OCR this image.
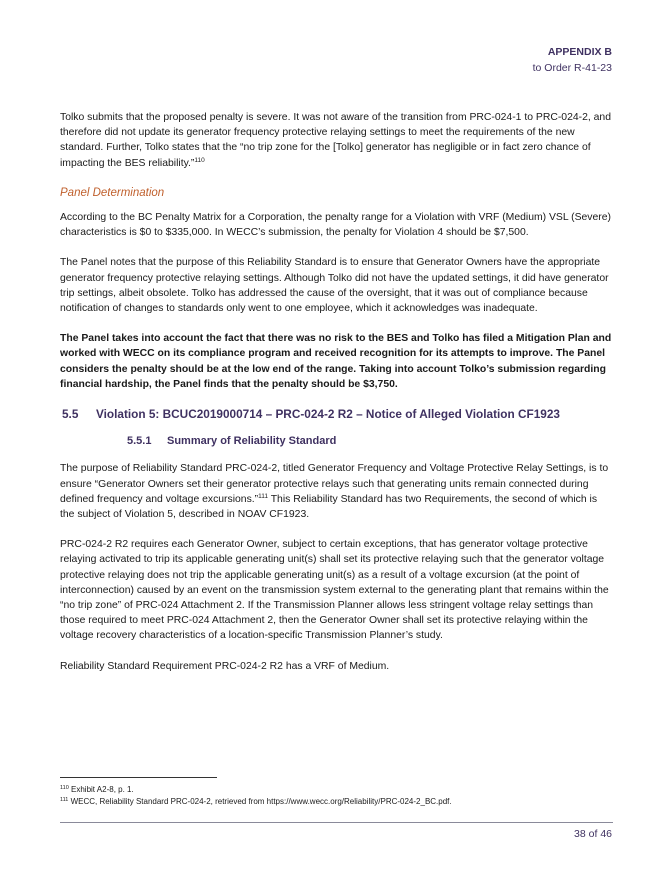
APPENDIX B
to Order R-41-23

Tolko submits that the proposed penalty is severe. It was not aware of the transition from PRC-024-1 to PRC-024-2, and therefore did not update its generator frequency protective relaying settings to meet the requirements of the new standard. Further, Tolko states that the “no trip zone for the [Tolko] generator has negligible or in fact zero chance of impacting the BES reliability.”$^{110}$

Panel Determination

According to the BC Penalty Matrix for a Corporation, the penalty range for a Violation with VRF (Medium) VSL (Severe) characteristics is $0 to $335,000. In WECC’s submission, the penalty for Violation 4 should be $7,500.

The Panel notes that the purpose of this Reliability Standard is to ensure that Generator Owners have the appropriate generator frequency protective relaying settings. Although Tolko did not have the updated settings, it did have generator trip settings, albeit obsolete. Tolko has addressed the cause of the oversight, that it was out of compliance because notification of changes to standards only went to one employee, which it acknowledges was inadequate.

The Panel takes into account the fact that there was no risk to the BES and Tolko has filed a Mitigation Plan and worked with WECC on its compliance program and received recognition for its attempts to improve. The Panel considers the penalty should be at the low end of the range. Taking into account Tolko’s submission regarding financial hardship, the Panel finds that the penalty should be $3,750.

5.5	Violation 5: BCUC2019000714 – PRC-024-2 R2 – Notice of Alleged Violation CF1923
5.5.1	Summary of Reliability Standard

The purpose of Reliability Standard PRC-024-2, titled Generator Frequency and Voltage Protective Relay Settings, is to ensure “Generator Owners set their generator protective relays such that generating units remain connected during defined frequency and voltage excursions.”$^{111}$ This Reliability Standard has two Requirements, the second of which is the subject of Violation 5, described in NOAV CF1923.

PRC-024-2 R2 requires each Generator Owner, subject to certain exceptions, that has generator voltage protective relaying activated to trip its applicable generating unit(s) shall set its protective relaying such that the generator voltage protective relaying does not trip the applicable generating unit(s) as a result of a voltage excursion (at the point of interconnection) caused by an event on the transmission system external to the generating plant that remains within the “no trip zone” of PRC-024 Attachment 2. If the Transmission Planner allows less stringent voltage relay settings than those required to meet PRC-024 Attachment 2, then the Generator Owner shall set its protective relaying within the voltage recovery characteristics of a location-specific Transmission Planner’s study.

Reliability Standard Requirement PRC-024-2 R2 has a VRF of Medium.

$^{110}$ Exhibit A2-8, p. 1.
$^{111}$ WECC, Reliability Standard PRC-024-2, retrieved from https://www.wecc.org/Reliability/PRC-024-2_BC.pdf.
38 of 46
